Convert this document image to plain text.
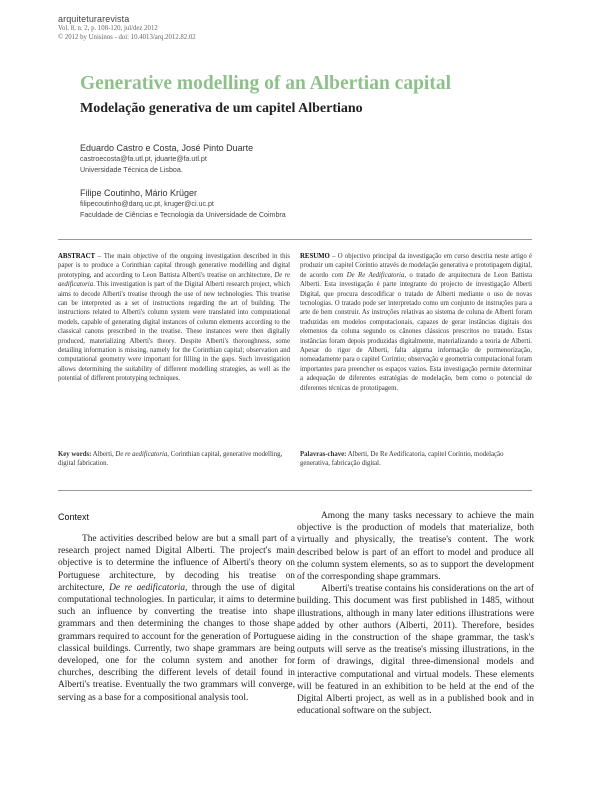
arquiteturarevista
Vol. 8, n. 2, p. 108-120, jul/dez 2012
© 2012 by Unisinos - doi: 10.4013/arq.2012.82.02
Generative modelling of an Albertian capital
Modelação generativa de um capitel Albertiano
Eduardo Castro e Costa, José Pinto Duarte
castroecosta@fa.utl.pt, jduarte@fa.utl.pt
Universidade Técnica de Lisboa.
Filipe Coutinho, Mário Krüger
filipecoutinho@darq.uc.pt, kruger@ci.uc.pt
Faculdade de Ciências e Tecnologia da Universidade de Coimbra
ABSTRACT – The main objective of the ongoing investigation described in this paper is to produce a Corinthian capital through generative modelling and digital prototyping, and according to Leon Battista Alberti's treatise on architecture, De re aedificatoria. This investigation is part of the Digital Alberti research project, which aims to decode Alberti's treatise through the use of new technologies. This treatise can be interpreted as a set of instructions regarding the art of building. The instructions related to Alberti's column system were translated into computational models, capable of generating digital instances of column elements according to the classical canons prescribed in the treatise. These instances were then digitally produced, materializing Alberti's theory. Despite Alberti's thoroughness, some detailing information is missing, namely for the Corinthian capital; observation and computational geometry were important for filling in the gaps. Such investigation allows determining the suitability of different modelling strategies, as well as the potential of different prototyping techniques.
RESUMO – O objectivo principal da investigação em curso descrita neste artigo é produzir um capitel Coríntio através de modelação generativa e prototipagem digital, de acordo com De Re Aedificatoria, o tratado de arquitectura de Leon Battista Alberti. Esta investigação é parte integrante do projecto de investigação Alberti Digital, que procura descodificar o tratado de Alberti mediante o uso de novas tecnologias. O tratado pode ser interpretado como um conjunto de instruções para a arte de bem construir. As instruções relativas ao sistema de coluna de Alberti foram traduzidas em modelos computacionais, capazes de gerar instâncias digitais dos elementos da coluna segundo os cânones clássicos prescritos no tratado. Estas instâncias foram depois produzidas digitalmente, materializando a teoria de Alberti. Apesar do rigor de Alberti, falta alguma informação de pormenorização, nomeadamente para o capitel Coríntio; observação e geometria computacional foram importantes para preencher os espaços vazios. Esta investigação permite determinar a adequação de diferentes estratégias de modelação, bem como o potencial de diferentes técnicas de prototipagem.
Key words: Alberti, De re aedificatoria, Corinthian capital, generative modelling, digital fabrication.
Palavras-chave: Alberti, De Re Aedificatoria, capitel Coríntio, modelação generativa, fabricação digital.
Context

The activities described below are but a small part of a research project named Digital Alberti. The project's main objective is to determine the influence of Alberti's theory on Portuguese architecture, by decoding his treatise on architecture, De re aedificatoria, through the use of digital computational technologies. In particular, it aims to determine such an influence by converting the treatise into shape grammars and then determining the changes to those shape grammars required to account for the generation of Portuguese classical buildings. Currently, two shape grammars are being developed, one for the column system and another for churches, describing the different levels of detail found in Alberti's treatise. Eventually the two grammars will converge, serving as a base for a compositional analysis tool.

Among the many tasks necessary to achieve the main objective is the production of models that materialize, both virtually and physically, the treatise's content. The work described below is part of an effort to model and produce all the column system elements, so as to support the development of the corresponding shape grammars.

Alberti's treatise contains his considerations on the art of building. This document was first published in 1485, without illustrations, although in many later editions illustrations were added by other authors (Alberti, 2011). Therefore, besides aiding in the construction of the shape grammar, the task's outputs will serve as the treatise's missing illustrations, in the form of drawings, digital three-dimensional models and interactive computational and virtual models. These elements will be featured in an exhibition to be held at the end of the Digital Alberti project, as well as in a published book and in educational software on the subject.
